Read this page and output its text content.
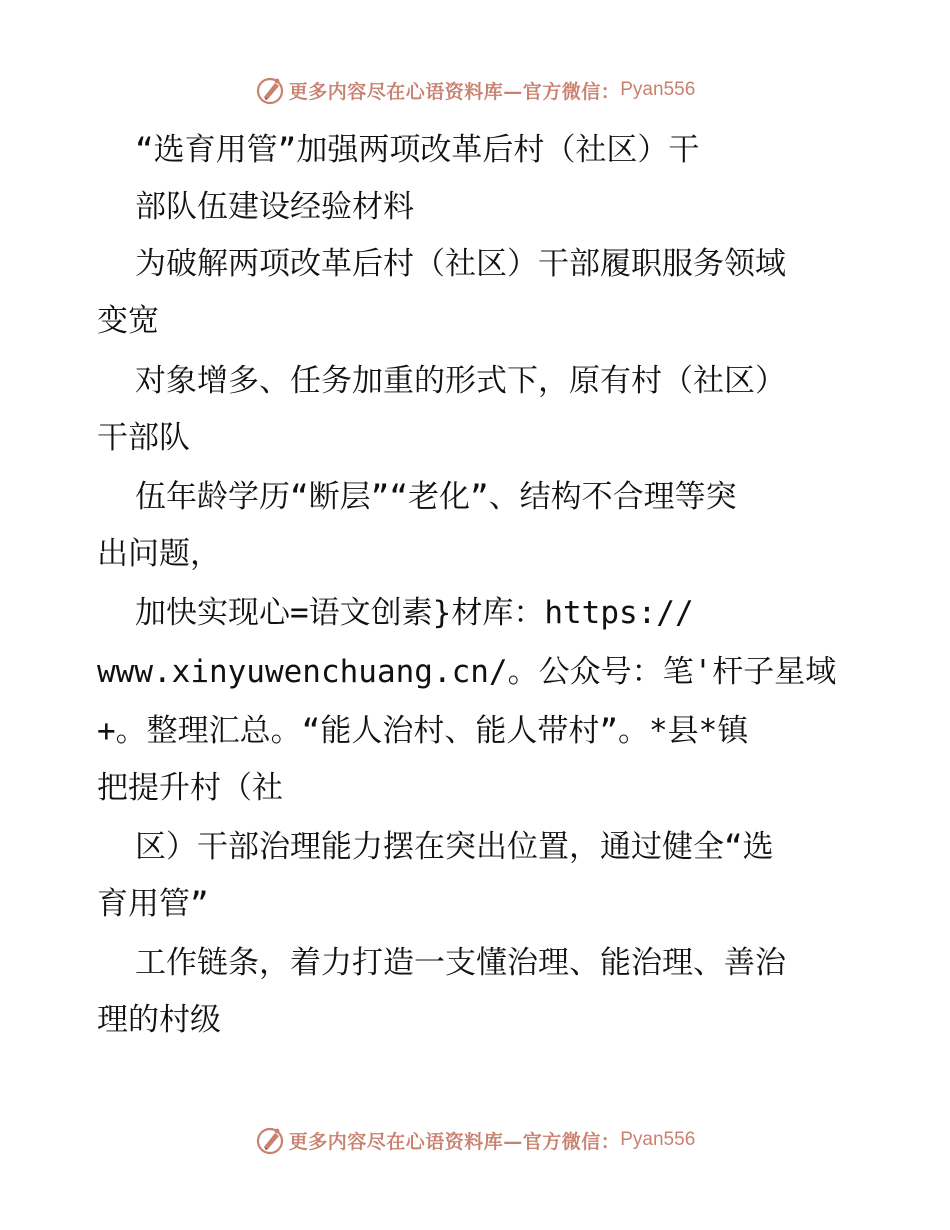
更多内容尽在心语资料库—官方微信： Pyan556
“选育用管”加强两项改革后村（社区）干
部队伍建设经验材料
为破解两项改革后村（社区）干部履职服务领域
变宽
对象增多、任务加重的形式下，原有村（社区）
干部队
伍年龄学历“断层”“老化”、结构不合理等突
出问题，
加快实现心=语文创素}材库：https://
www.xinyuwenchuang.cn/。公众号：笔'杆子星域
+。整理汇总。“能人治村、能人带村”。*县*镇
把提升村（社
区）干部治理能力摆在突出位置，通过健全“选
育用管”
工作链条，着力打造一支懂治理、能治理、善治
理的村级
更多内容尽在心语资料库—官方微信： Pyan556
